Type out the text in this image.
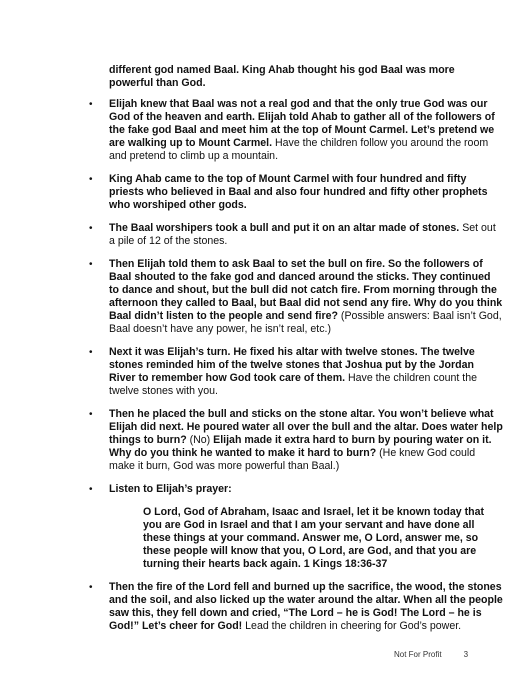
different god named Baal. King Ahab thought his god Baal was more powerful than God.

• Elijah knew that Baal was not a real god and that the only true God was our God of the heaven and earth. Elijah told Ahab to gather all of the followers of the fake god Baal and meet him at the top of Mount Carmel. Let’s pretend we are walking up to Mount Carmel. Have the children follow you around the room and pretend to climb up a mountain.
• King Ahab came to the top of Mount Carmel with four hundred and fifty priests who believed in Baal and also four hundred and fifty other prophets who worshiped other gods.
• The Baal worshipers took a bull and put it on an altar made of stones. Set out a pile of 12 of the stones.
• Then Elijah told them to ask Baal to set the bull on fire. So the followers of Baal shouted to the fake god and danced around the sticks. They continued to dance and shout, but the bull did not catch fire. From morning through the afternoon they called to Baal, but Baal did not send any fire. Why do you think Baal didn’t listen to the people and send fire? (Possible answers: Baal isn’t God, Baal doesn’t have any power, he isn’t real, etc.)
• Next it was Elijah’s turn. He fixed his altar with twelve stones. The twelve stones reminded him of the twelve stones that Joshua put by the Jordan River to remember how God took care of them. Have the children count the twelve stones with you.
• Then he placed the bull and sticks on the stone altar. You won’t believe what Elijah did next. He poured water all over the bull and the altar. Does water help things to burn? (No) Elijah made it extra hard to burn by pouring water on it. Why do you think he wanted to make it hard to burn? (He knew God could make it burn, God was more powerful than Baal.)
• Listen to Elijah’s prayer:
O Lord, God of Abraham, Isaac and Israel, let it be known today that you are God in Israel and that I am your servant and have done all these things at your command. Answer me, O Lord, answer me, so these people will know that you, O Lord, are God, and that you are turning their hearts back again. 1 Kings 18:36-37
• Then the fire of the Lord fell and burned up the sacrifice, the wood, the stones and the soil, and also licked up the water around the altar. When all the people saw this, they fell down and cried, “The Lord – he is God! The Lord – he is God!” Let’s cheer for God! Lead the children in cheering for God’s power.
Not For Profit	3
